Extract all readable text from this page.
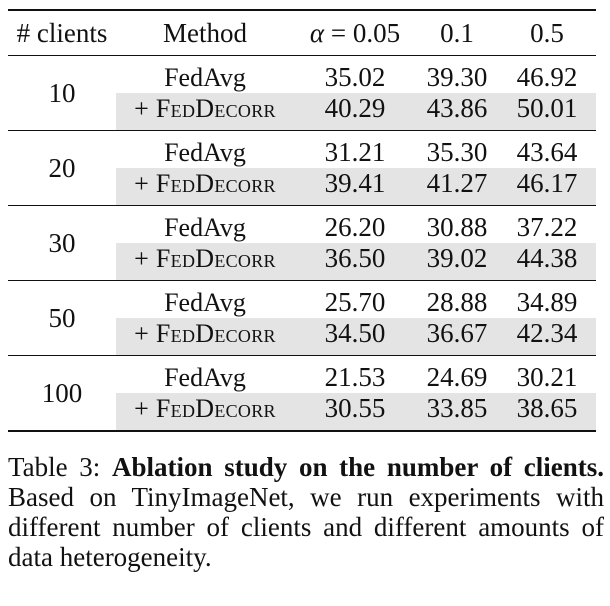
# clients	Method	α = 0.05	0.1	0.5
10	FedAvg	35.02	39.30	46.92
	+ FedDecorr	40.29	43.86	50.01
20	FedAvg	31.21	35.30	43.64
	+ FedDecorr	39.41	41.27	46.17
30	FedAvg	26.20	30.88	37.22
	+ FedDecorr	36.50	39.02	44.38
50	FedAvg	25.70	28.88	34.89
	+ FedDecorr	34.50	36.67	42.34
100	FedAvg	21.53	24.69	30.21
	+ FedDecorr	30.55	33.85	38.65
Table 3: Ablation study on the number of clients. Based on TinyImageNet, we run experiments with different number of clients and different amounts of data heterogeneity.
